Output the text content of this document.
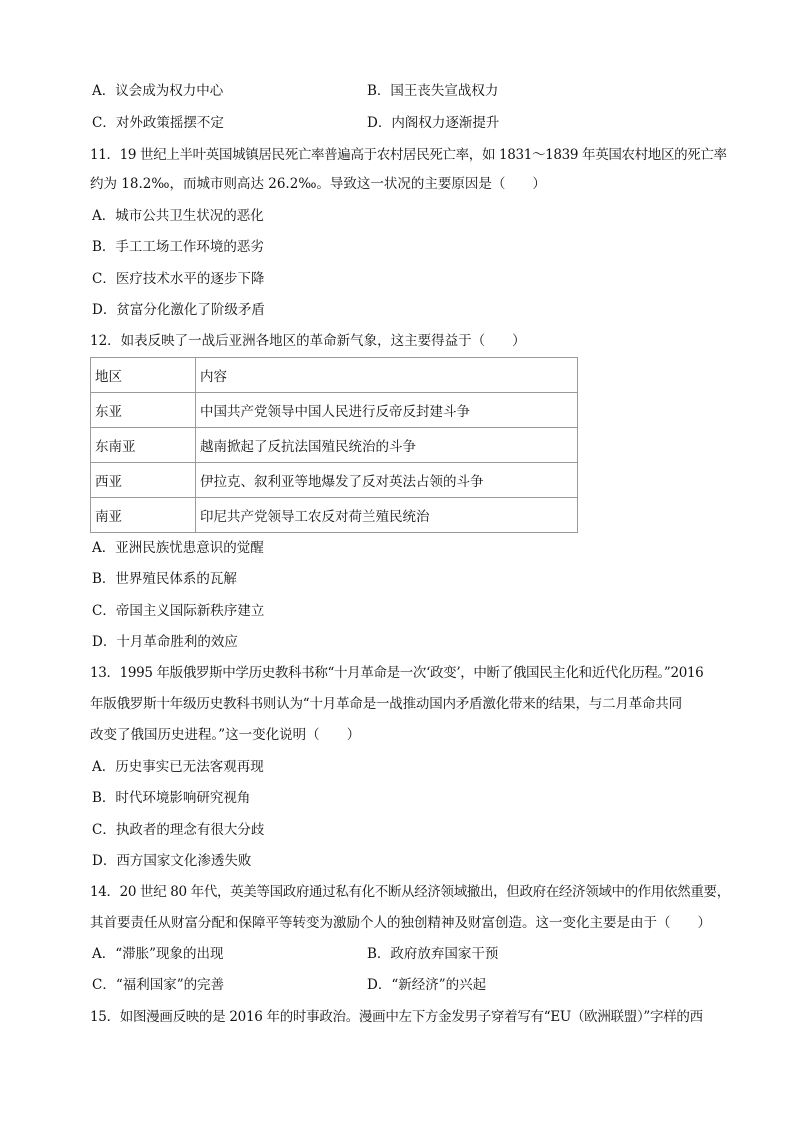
A．议会成为权力中心	B．国王丧失宣战权力
C．对外政策摇摆不定	D．内阁权力逐渐提升
11．19 世纪上半叶英国城镇居民死亡率普遍高于农村居民死亡率，如 1831～1839 年英国农村地区的死亡率
约为 18.2‰，而城市则高达 26.2‰。导致这一状况的主要原因是（　　）
A．城市公共卫生状况的恶化
B．手工工场工作环境的恶劣
C．医疗技术水平的逐步下降
D．贫富分化激化了阶级矛盾
12．如表反映了一战后亚洲各地区的革命新气象，这主要得益于（　　）
地区	内容
东亚	中国共产党领导中国人民进行反帝反封建斗争
东南亚	越南掀起了反抗法国殖民统治的斗争
西亚	伊拉克、叙利亚等地爆发了反对英法占领的斗争
南亚	印尼共产党领导工农反对荷兰殖民统治
A．亚洲民族忧患意识的觉醒
B．世界殖民体系的瓦解
C．帝国主义国际新秩序建立
D．十月革命胜利的效应
13．1995 年版俄罗斯中学历史教科书称“十月革命是一次‘政变’，中断了俄国民主化和近代化历程。”2016
年版俄罗斯十年级历史教科书则认为“十月革命是一战推动国内矛盾激化带来的结果，与二月革命共同
改变了俄国历史进程。”这一变化说明（　　）
A．历史事实已无法客观再现
B．时代环境影响研究视角
C．执政者的理念有很大分歧
D．西方国家文化渗透失败
14．20 世纪 80 年代，英美等国政府通过私有化不断从经济领域撤出，但政府在经济领域中的作用依然重要，
其首要责任从财富分配和保障平等转变为激励个人的独创精神及财富创造。这一变化主要是由于（　　）
A．“滞胀”现象的出现	B．政府放弃国家干预
C．“福利国家”的完善	D．“新经济”的兴起
15．如图漫画反映的是 2016 年的时事政治。漫画中左下方金发男子穿着写有“EU（欧洲联盟）”字样的西
